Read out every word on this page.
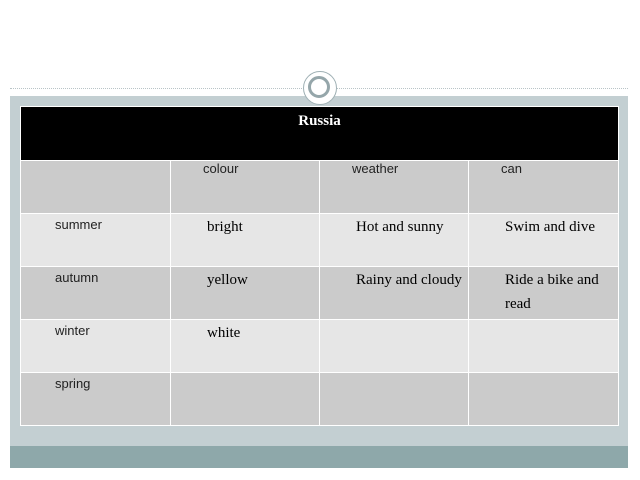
Russia			
	colour	weather	can
summer	bright	Hot and sunny	Swim and dive
autumn	yellow	Rainy and cloudy	Ride a bike and read
winter	white		
spring			
